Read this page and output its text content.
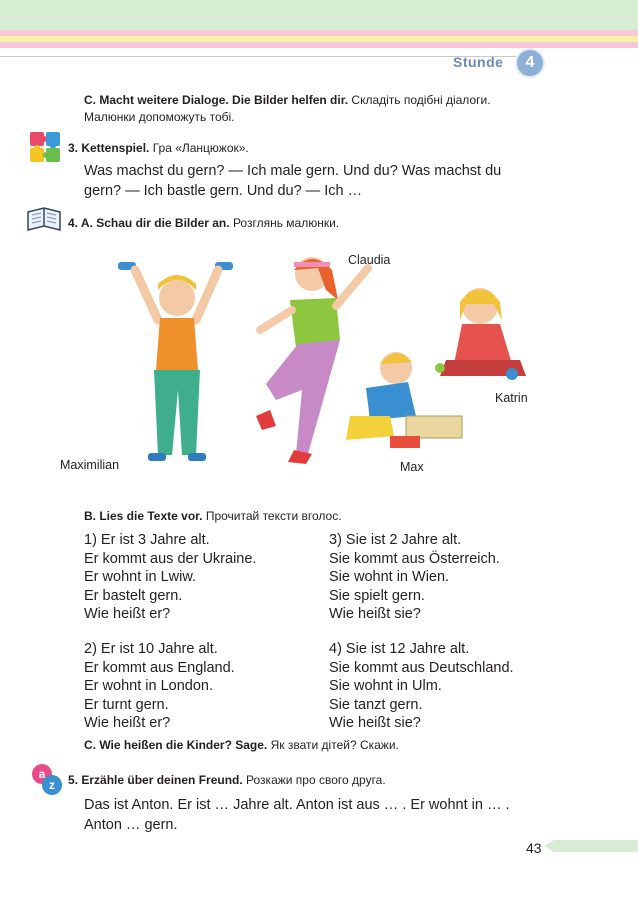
Stunde	4
C. Macht weitere Dialoge. Die Bilder helfen dir. Складіть подібні діалоги.
Малюнки допоможуть тобі.
3. Kettenspiel. Гра «Ланцюжок».
Was machst du gern? — Ich male gern. Und du? Was machst du
gern? — Ich bastle gern. Und du? — Ich …
4. A. Schau dir die Bilder an. Розглянь малюнки.
Claudia
Katrin
Maximilian	Max
B. Lies die Texte vor. Прочитай тексти вголос.
1) Er ist 3 Jahre alt.
Er kommt aus der Ukraine.
Er wohnt in Lwiw.
Er bastelt gern.
Wie heißt er?
2) Er ist 10 Jahre alt.
Er kommt aus England.
Er wohnt in London.
Er turnt gern.
Wie heißt er?
3) Sie ist 2 Jahre alt.
Sie kommt aus Österreich.
Sie wohnt in Wien.
Sie spielt gern.
Wie heißt sie?
4) Sie ist 12 Jahre alt.
Sie kommt aus Deutschland.
Sie wohnt in Ulm.
Sie tanzt gern.
Wie heißt sie?
C. Wie heißen die Kinder? Sage. Як звати дітей? Скажи.
a
z 5. Erzähle über deinen Freund. Розкажи про свого друга.
Das ist Anton. Er ist … Jahre alt. Anton ist aus … . Er wohnt in … .
Anton … gern.
43
